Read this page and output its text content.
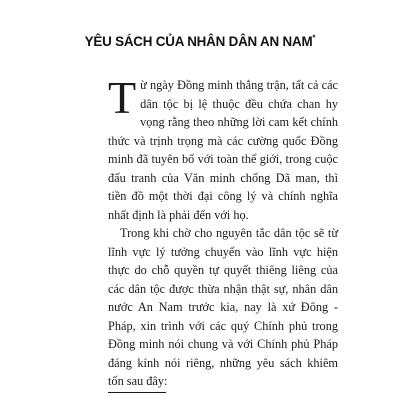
YÊU SÁCH CỦA NHÂN DÂN AN NAM*

Từ ngày Đồng minh thắng trận, tất cả các dân tộc bị lệ thuộc đều chứa chan hy vọng rằng theo những lời cam kết chính thức và trịnh trọng mà các cường quốc Đồng minh đã tuyên bố với toàn thể giới, trong cuộc đấu tranh của Văn minh chống Dã man, thì tiền đồ một thời đại công lý và chính nghĩa nhất định là phải đến với họ.

Trong khi chờ cho nguyên tắc dân tộc sẽ từ lĩnh vực lý tưởng chuyển vào lĩnh vực hiện thực do chỗ quyền tự quyết thiêng liêng của các dân tộc được thừa nhận thật sự, nhân dân nước An Nam trước kia, nay là xứ Đông - Pháp, xin trình với các quý Chính phủ trong Đồng minh nói chung và với Chính phủ Pháp đáng kính nói riêng, những yêu sách khiêm tốn sau đây:
